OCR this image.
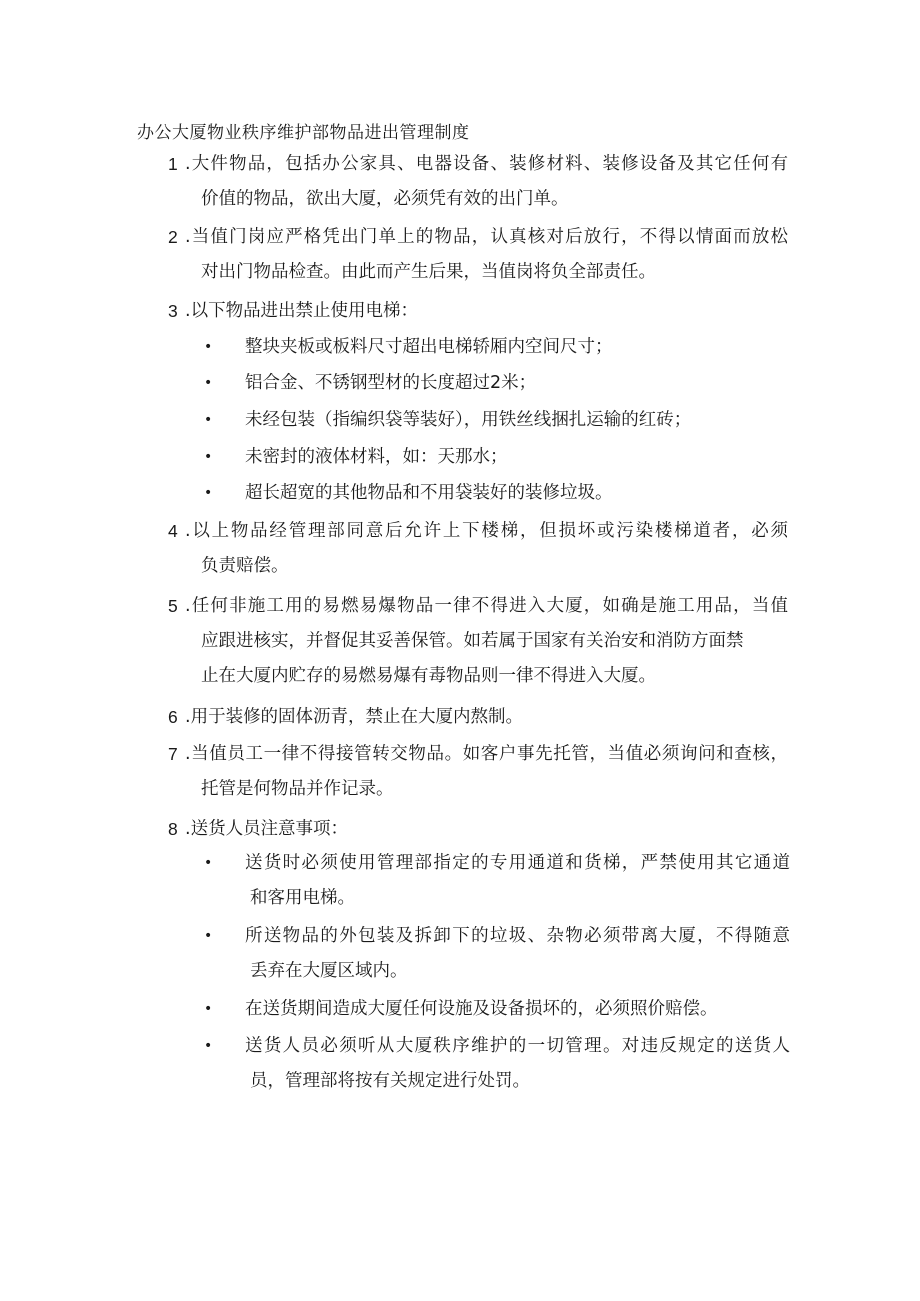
办公大厦物业秩序维护部物品进出管理制度
1 .大件物品，包括办公家具、电器设备、装修材料、装修设备及其它任何有
价值的物品，欲出大厦，必须凭有效的出门单。
2 .当值门岗应严格凭出门单上的物品，认真核对后放行，不得以情面而放松
对出门物品检查。由此而产生后果，当值岗将负全部责任。
3 .以下物品进出禁止使用电梯：
• 整块夹板或板料尺寸超出电梯轿厢内空间尺寸；
• 铝合金、不锈钢型材的长度超过2米；
• 未经包装（指编织袋等装好），用铁丝线捆扎运输的红砖；
• 未密封的液体材料，如：天那水；
• 超长超宽的其他物品和不用袋装好的装修垃圾。
4 .以上物品经管理部同意后允许上下楼梯，但损坏或污染楼梯道者，必须
负责赔偿。
5 .任何非施工用的易燃易爆物品一律不得进入大厦，如确是施工用品，当值
应跟进核实，并督促其妥善保管。如若属于国家有关治安和消防方面禁
止在大厦内贮存的易燃易爆有毒物品则一律不得进入大厦。
6 .用于装修的固体沥青，禁止在大厦内熬制。
7 .当值员工一律不得接管转交物品。如客户事先托管，当值必须询问和查核，
托管是何物品并作记录。
8 .送货人员注意事项：
• 送货时必须使用管理部指定的专用通道和货梯，严禁使用其它通道
和客用电梯。
• 所送物品的外包装及拆卸下的垃圾、杂物必须带离大厦，不得随意
丢弃在大厦区域内。
• 在送货期间造成大厦任何设施及设备损坏的，必须照价赔偿。
• 送货人员必须听从大厦秩序维护的一切管理。对违反规定的送货人
员，管理部将按有关规定进行处罚。
